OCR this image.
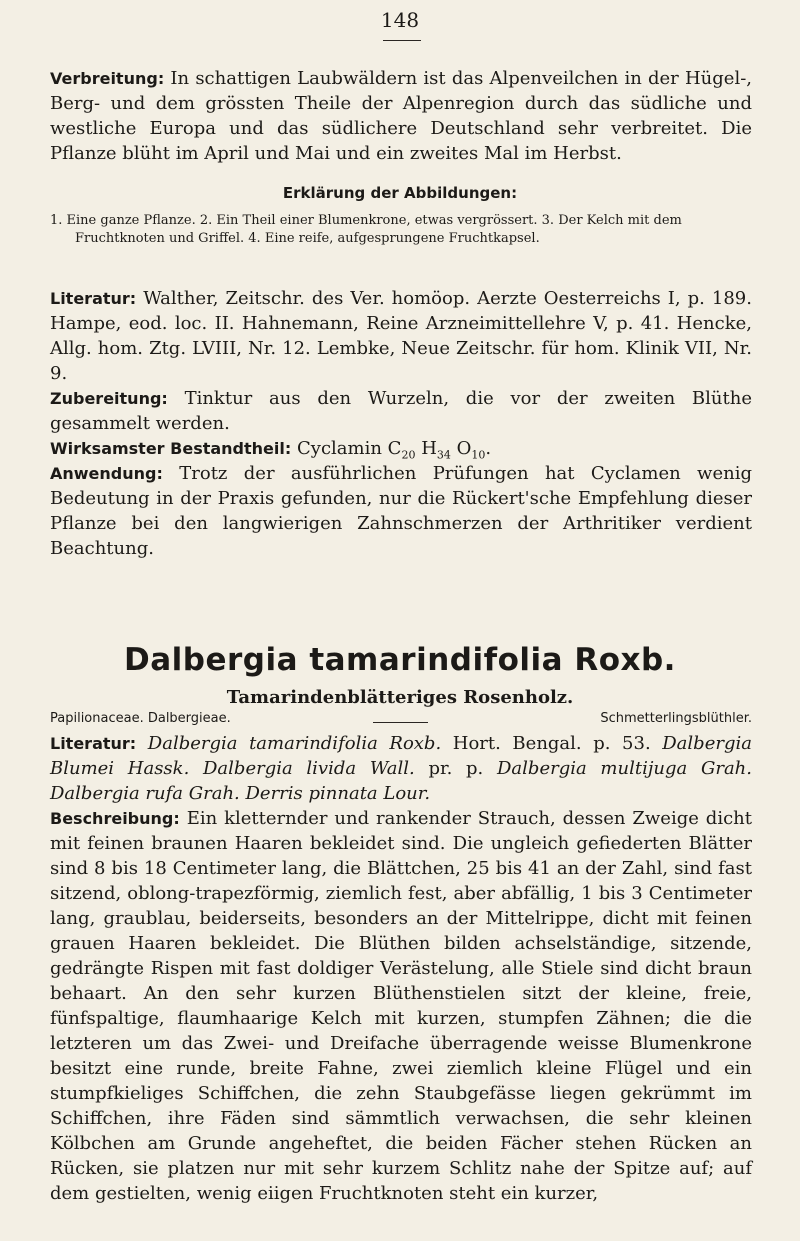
148

Verbreitung: In schattigen Laubwäldern ist das Alpenveilchen in der Hügel-, Berg- und dem grössten Theile der Alpenregion durch das südliche und westliche Europa und das südlichere Deutschland sehr verbreitet. Die Pflanze blüht im April und Mai und ein zweites Mal im Herbst.

Erklärung der Abbildungen:
1. Eine ganze Pflanze. 2. Ein Theil einer Blumenkrone, etwas vergrössert. 3. Der Kelch mit dem
Fruchtknoten und Griffel. 4. Eine reife, aufgesprungene Fruchtkapsel.

Literatur: Walther, Zeitschr. des Ver. homöop. Aerzte Oesterreichs I, p. 189. Hampe, eod. loc. II. Hahnemann, Reine Arzneimittellehre V, p. 41. Hencke, Allg. hom. Ztg. LVIII, Nr. 12. Lembke, Neue Zeitschr. für hom. Klinik VII, Nr. 9.

Zubereitung: Tinktur aus den Wurzeln, die vor der zweiten Blüthe gesammelt werden.

Wirksamster Bestandtheil: Cyclamin $C_{20}$ $H_{34}$ $O_{10}$.

Anwendung: Trotz der ausführlichen Prüfungen hat Cyclamen wenig Bedeutung in der Praxis gefunden, nur die Rückert'sche Empfehlung dieser Pflanze bei den langwierigen Zahnschmerzen der Arthritiker verdient Beachtung.

Dalbergia tamarindifolia Roxb.
Tamarindenblätteriges Rosenholz.
Papilionaceae. Dalbergieae.	Schmetterlingsblüthler.

Literatur: Dalbergia tamarindifolia Roxb. Hort. Bengal. p. 53. Dalbergia Blumei Hassk. Dalbergia livida Wall. pr. p. Dalbergia multijuga Grah. Dalbergia rufa Grah. Derris pinnata Lour.

Beschreibung: Ein kletternder und rankender Strauch, dessen Zweige dicht mit feinen braunen Haaren bekleidet sind. Die ungleich gefiederten Blätter sind 8 bis 18 Centimeter lang, die Blättchen, 25 bis 41 an der Zahl, sind fast sitzend, oblong-trapezförmig, ziemlich fest, aber abfällig, 1 bis 3 Centimeter lang, graublau, beiderseits, besonders an der Mittelrippe, dicht mit feinen grauen Haaren bekleidet. Die Blüthen bilden achselständige, sitzende, gedrängte Rispen mit fast doldiger Verästelung, alle Stiele sind dicht braun behaart. An den sehr kurzen Blüthenstielen sitzt der kleine, freie, fünfspaltige, flaumhaarige Kelch mit kurzen, stumpfen Zähnen; die die letzteren um das Zwei- und Dreifache überragende weisse Blumenkrone besitzt eine runde, breite Fahne, zwei ziemlich kleine Flügel und ein stumpfkieliges Schiffchen, die zehn Staubgefässe liegen gekrümmt im Schiffchen, ihre Fäden sind sämmtlich verwachsen, die sehr kleinen Kölbchen am Grunde angeheftet, die beiden Fächer stehen Rücken an Rücken, sie platzen nur mit sehr kurzem Schlitz nahe der Spitze auf; auf dem gestielten, wenig eiigen Fruchtknoten steht ein kurzer,
